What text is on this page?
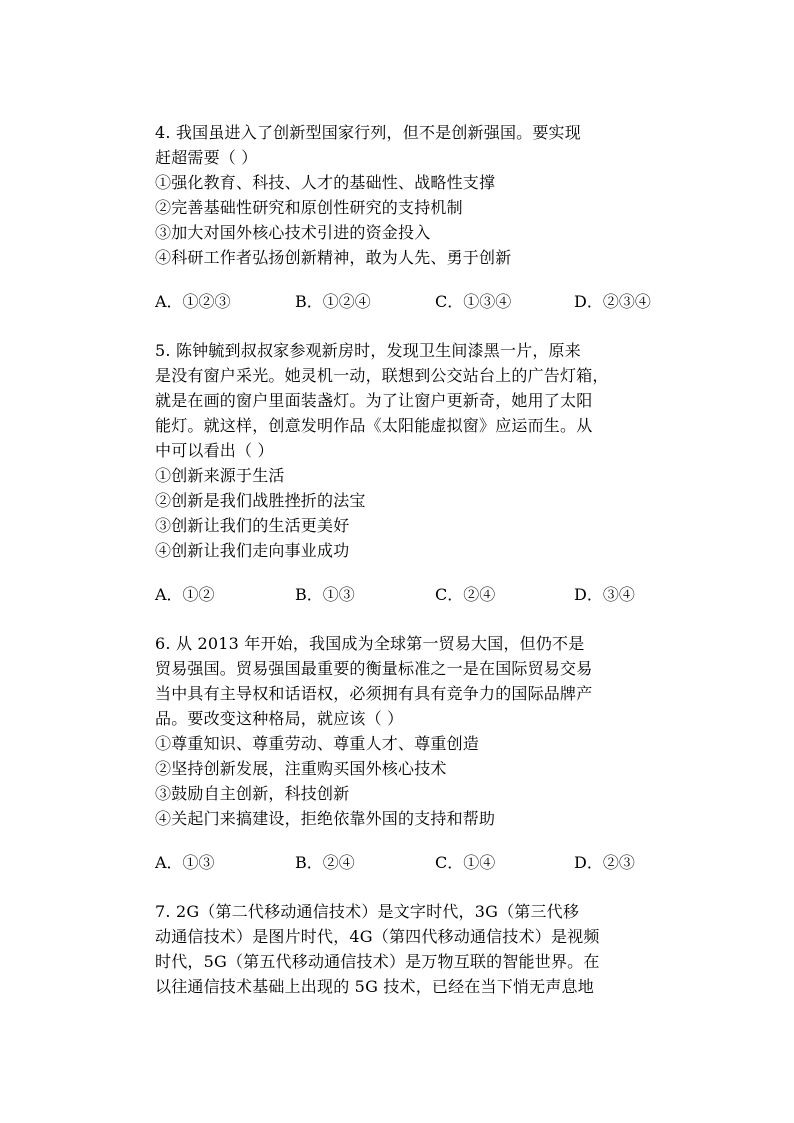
4. 我国虽进入了创新型国家行列，但不是创新强国。要实现
赶超需要（ ）
①强化教育、科技、人才的基础性、战略性支撑
②完善基础性研究和原创性研究的支持机制
③加大对国外核心技术引进的资金投入
④科研工作者弘扬创新精神，敢为人先、勇于创新
A．①②③	B．①②④	C．①③④	D．②③④
5. 陈钟毓到叔叔家参观新房时，发现卫生间漆黑一片，原来
是没有窗户采光。她灵机一动，联想到公交站台上的广告灯箱，
就是在画的窗户里面装盏灯。为了让窗户更新奇，她用了太阳
能灯。就这样，创意发明作品《太阳能虚拟窗》应运而生。从
中可以看出（ ）
①创新来源于生活
②创新是我们战胜挫折的法宝
③创新让我们的生活更美好
④创新让我们走向事业成功
A．①②	B．①③	C．②④	D．③④
6. 从 2013 年开始，我国成为全球第一贸易大国，但仍不是
贸易强国。贸易强国最重要的衡量标准之一是在国际贸易交易
当中具有主导权和话语权，必须拥有具有竞争力的国际品牌产
品。要改变这种格局，就应该（ ）
①尊重知识、尊重劳动、尊重人才、尊重创造
②坚持创新发展，注重购买国外核心技术
③鼓励自主创新，科技创新
④关起门来搞建设，拒绝依靠外国的支持和帮助
A．①③	B．②④	C．①④	D．②③
7. 2G（第二代移动通信技术）是文字时代，3G（第三代移
动通信技术）是图片时代，4G（第四代移动通信技术）是视频
时代，5G（第五代移动通信技术）是万物互联的智能世界。在
以往通信技术基础上出现的 5G 技术，已经在当下悄无声息地
